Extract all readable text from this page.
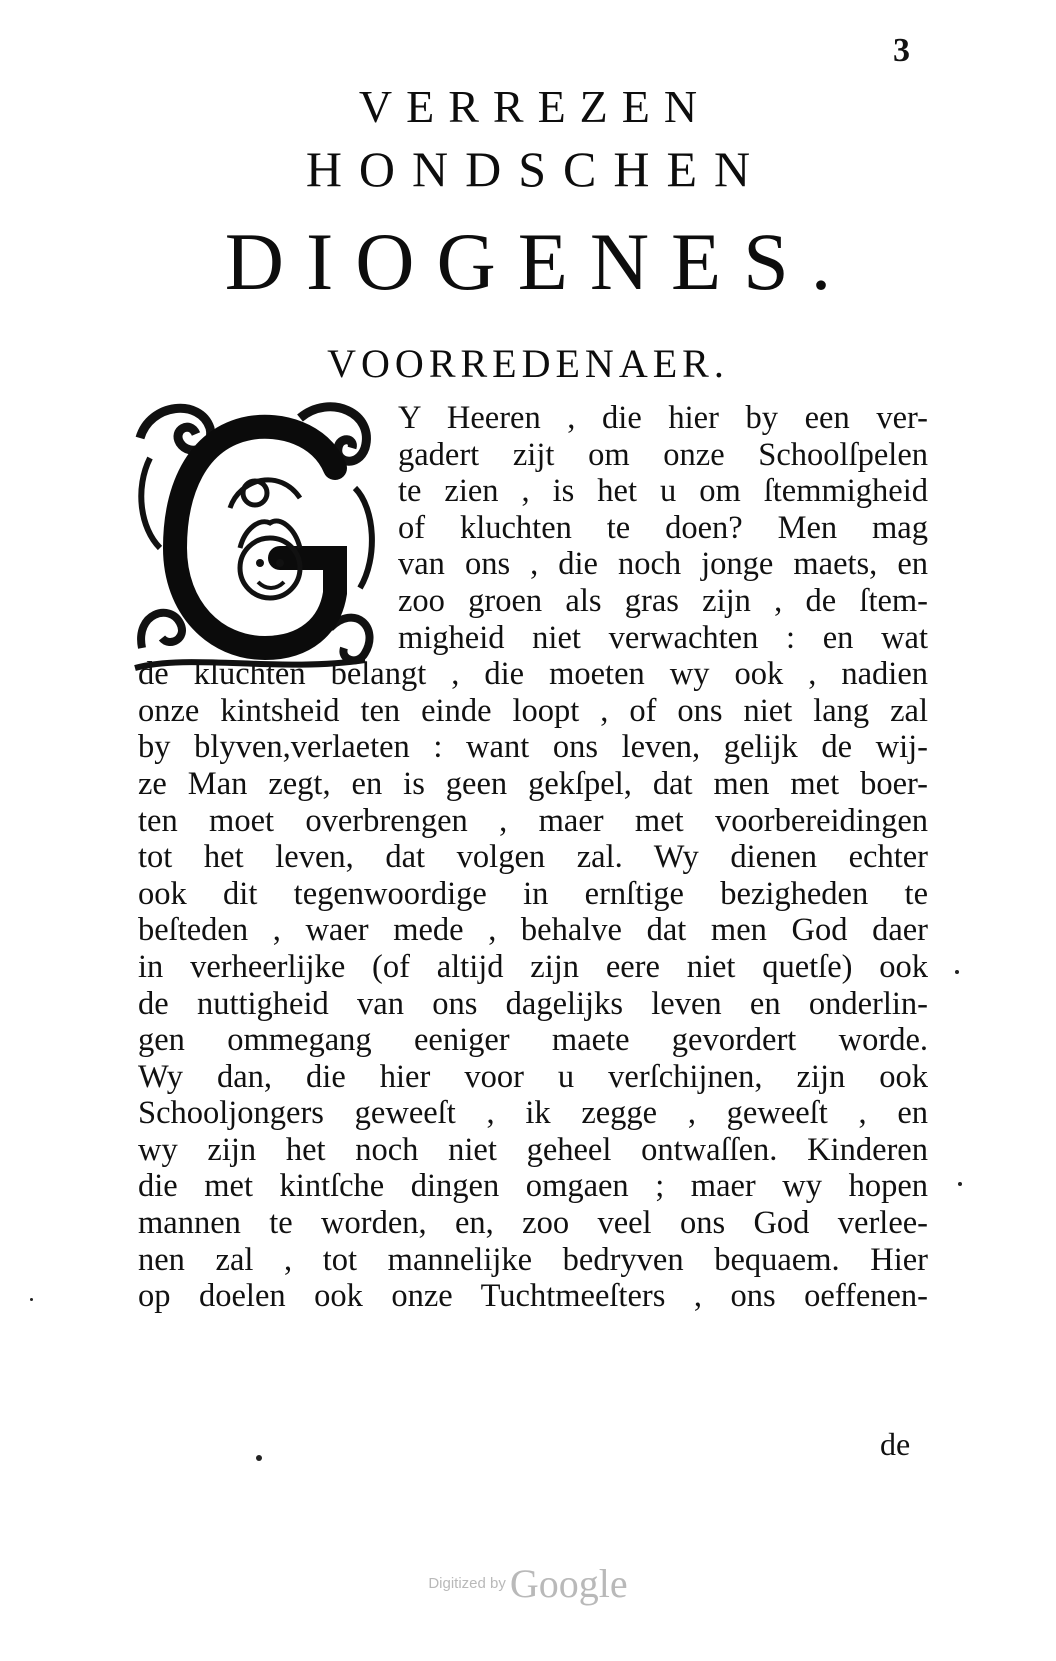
3
VERREZEN
HONDSCHEN
DIOGENES.
VOORREDENAER.
Y Heeren , die hier by een ver-
gadert zijt om onze Schoolſpelen
te zien , is het u om ſtemmigheid
of kluchten te doen? Men mag
van ons , die noch jonge maets, en
zoo groen als gras zijn , de ſtem-
migheid niet verwachten : en wat
de kluchten belangt , die moeten wy ook , nadien
onze kintsheid ten einde loopt , of ons niet lang zal
by blyven,verlaeten : want ons leven, gelijk de wij-
ze Man zegt, en is geen gekſpel, dat men met boer-
ten moet overbrengen , maer met voorbereidingen
tot het leven, dat volgen zal. Wy dienen echter
ook dit tegenwoordige in ernſtige bezigheden te
beſteden , waer mede , behalve dat men God daer
in verheerlijke (of altijd zijn eere niet quetſe) ook
de nuttigheid van ons dagelijks leven en onderlin-
gen ommegang eeniger maete gevordert worde.
Wy dan, die hier voor u verſchijnen, zijn ook
Schooljongers geweeſt , ik zegge , geweeſt , en
wy zijn het noch niet geheel ontwaſſen. Kinderen
die met kintſche dingen omgaen ; maer wy hopen
mannen te worden, en, zoo veel ons God verlee-
nen zal , tot mannelijke bedryven bequaem. Hier
op doelen ook onze Tuchtmeeſters , ons oeffenen-
de
Digitized by Google
